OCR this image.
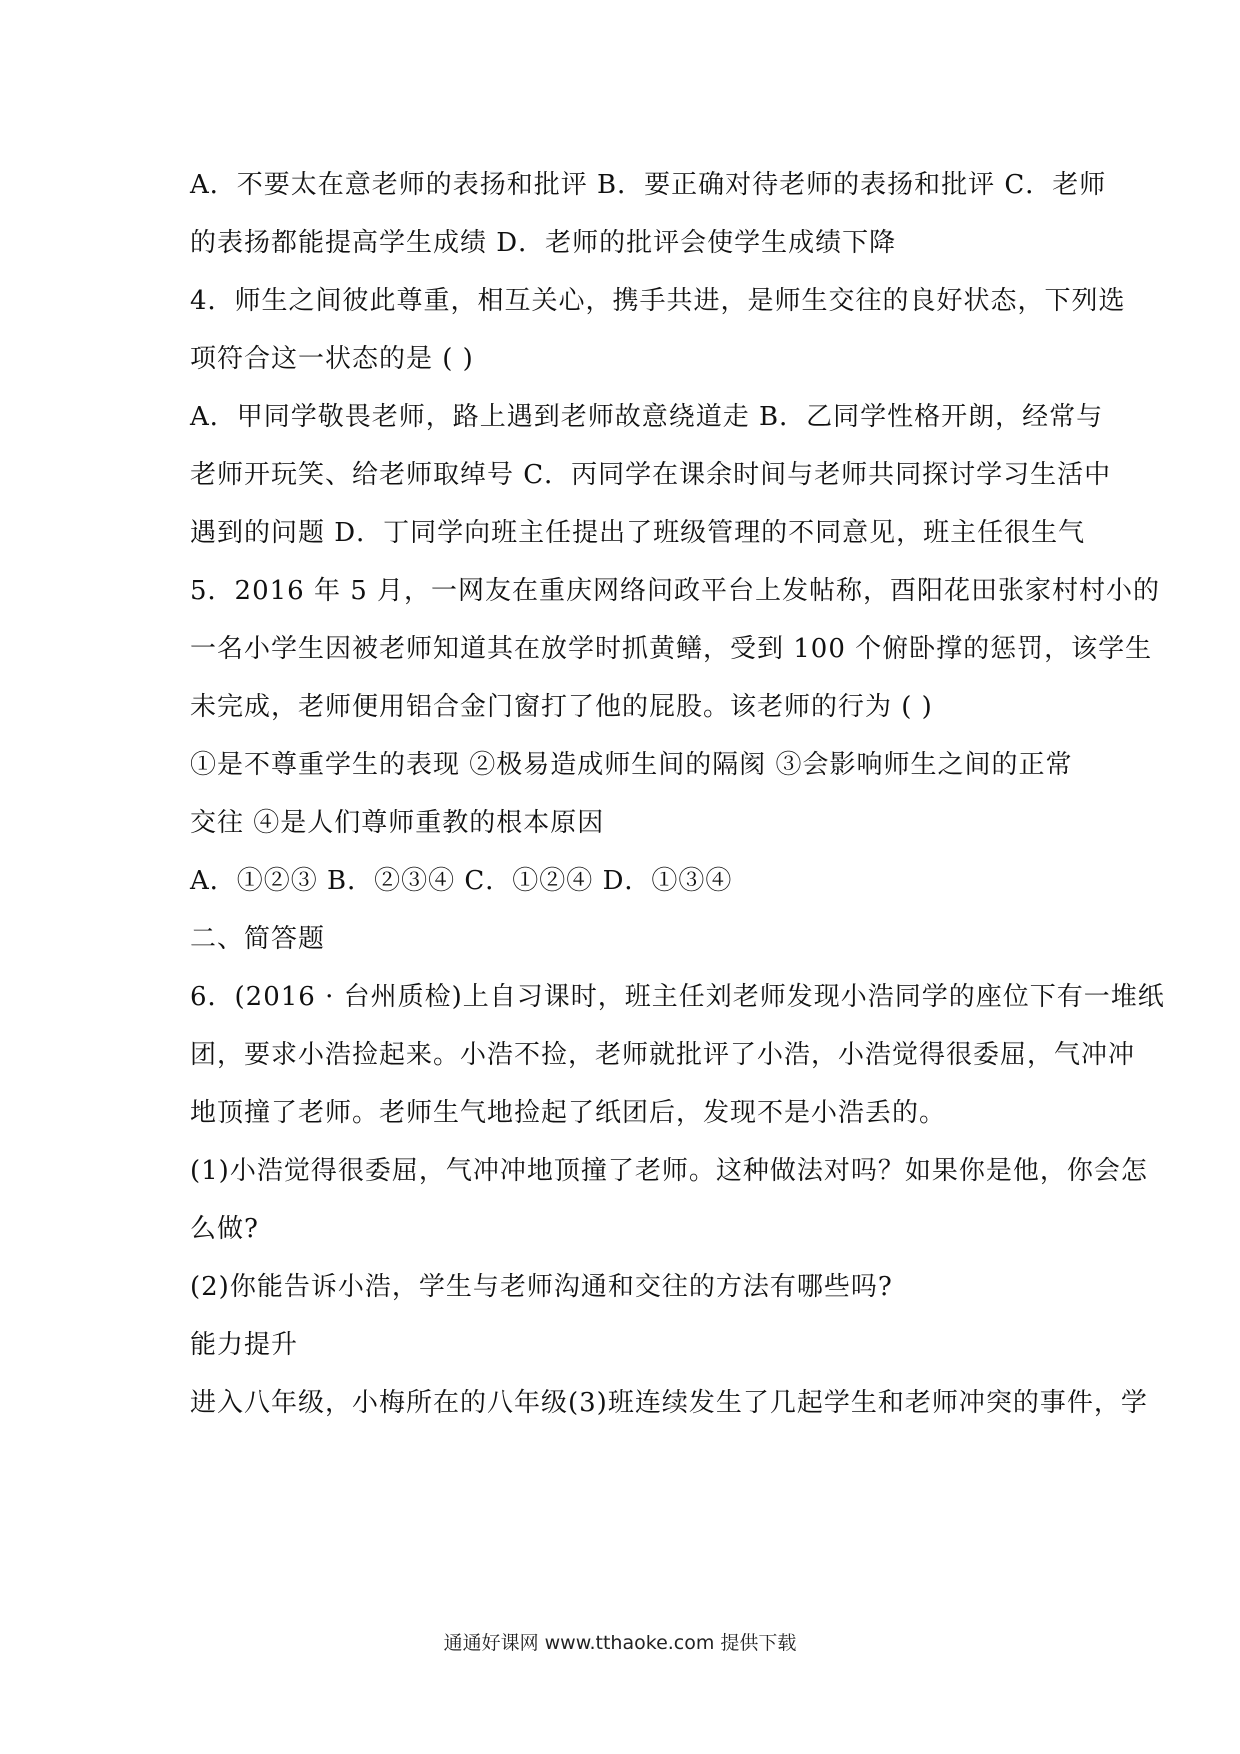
A．不要太在意老师的表扬和批评 B．要正确对待老师的表扬和批评 C．老师
的表扬都能提高学生成绩 D．老师的批评会使学生成绩下降
4．师生之间彼此尊重，相互关心，携手共进，是师生交往的良好状态，下列选
项符合这一状态的是 ( )
A．甲同学敬畏老师，路上遇到老师故意绕道走 B．乙同学性格开朗，经常与
老师开玩笑、给老师取绰号 C．丙同学在课余时间与老师共同探讨学习生活中
遇到的问题 D．丁同学向班主任提出了班级管理的不同意见，班主任很生气
5．2016 年 5 月，一网友在重庆网络问政平台上发帖称，酉阳花田张家村村小的
一名小学生因被老师知道其在放学时抓黄鳝，受到 100 个俯卧撑的惩罚，该学生
未完成，老师便用铝合金门窗打了他的屁股。该老师的行为 ( )
①是不尊重学生的表现 ②极易造成师生间的隔阂 ③会影响师生之间的正常
交往 ④是人们尊师重教的根本原因
A．①②③ B．②③④ C．①②④ D．①③④
二、简答题
6．(2016 · 台州质检)上自习课时，班主任刘老师发现小浩同学的座位下有一堆纸
团，要求小浩捡起来。小浩不捡，老师就批评了小浩，小浩觉得很委屈，气冲冲
地顶撞了老师。老师生气地捡起了纸团后，发现不是小浩丢的。
(1)小浩觉得很委屈，气冲冲地顶撞了老师。这种做法对吗？如果你是他，你会怎
么做?
(2)你能告诉小浩，学生与老师沟通和交往的方法有哪些吗?
能力提升
进入八年级，小梅所在的八年级(3)班连续发生了几起学生和老师冲突的事件，学
通通好课网 www.tthaoke.com 提供下载
